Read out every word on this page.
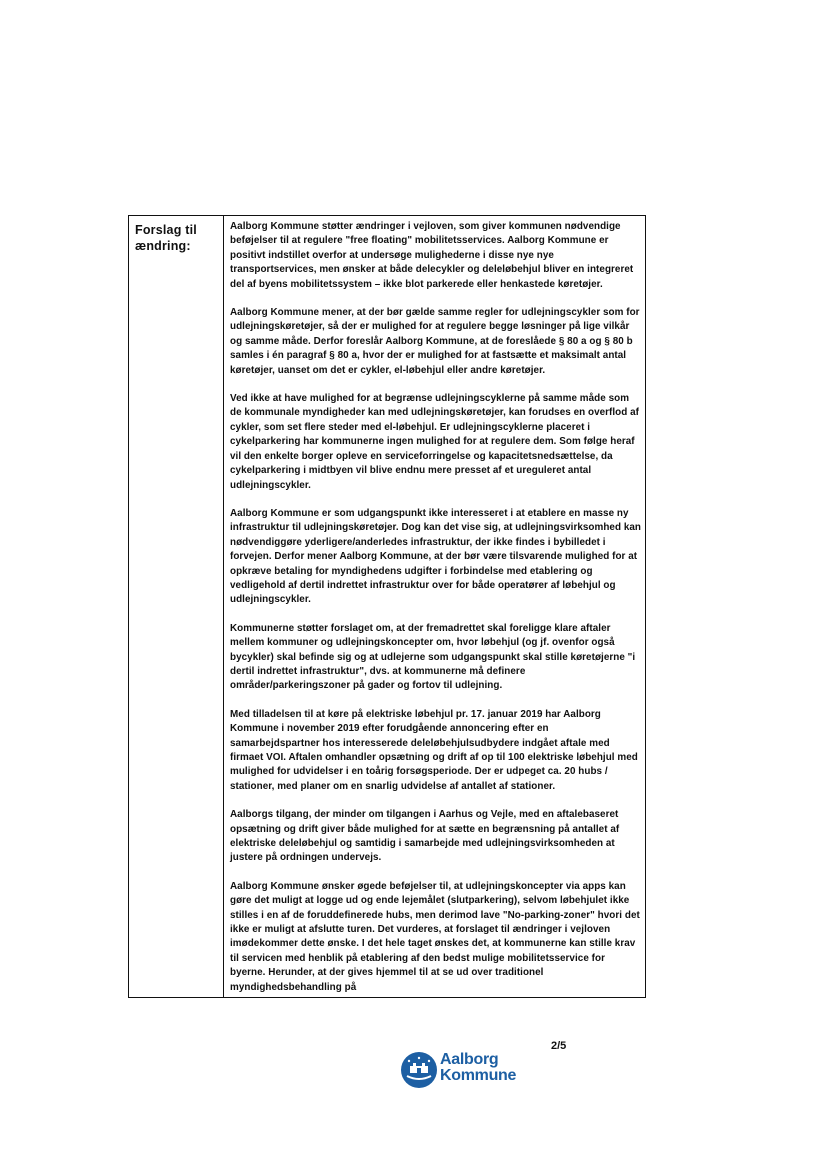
Forslag til
ændring:

Aalborg Kommune støtter ændringer i vejloven, som giver kommunen nødvendige beføjelser til at regulere "free floating" mobilitetsservices. Aalborg Kommune er positivt indstillet overfor at undersøge mulighederne i disse nye nye transportservices, men ønsker at både delecykler og deleløbehjul bliver en integreret del af byens mobilitetssystem – ikke blot parkerede eller henkastede køretøjer.

Aalborg Kommune mener, at der bør gælde samme regler for udlejningscykler som for udlejningskøretøjer, så der er mulighed for at regulere begge løsninger på lige vilkår og samme måde. Derfor foreslår Aalborg Kommune, at de foreslåede § 80 a og § 80 b samles i én paragraf § 80 a, hvor der er mulighed for at fastsætte et maksimalt antal køretøjer, uanset om det er cykler, el-løbehjul eller andre køretøjer.

Ved ikke at have mulighed for at begrænse udlejningscyklerne på samme måde som de kommunale myndigheder kan med udlejningskøretøjer, kan forudses en overflod af cykler, som set flere steder med el-løbehjul. Er udlejningscyklerne placeret i cykelparkering har kommunerne ingen mulighed for at regulere dem. Som følge heraf vil den enkelte borger opleve en serviceforringelse og kapacitetsnedsættelse, da cykelparkering i midtbyen vil blive endnu mere presset af et ureguleret antal udlejningscykler.

Aalborg Kommune er som udgangspunkt ikke interesseret i at etablere en masse ny infrastruktur til udlejningskøretøjer. Dog kan det vise sig, at udlejningsvirksomhed kan nødvendiggøre yderligere/anderledes infrastruktur, der ikke findes i bybilledet i forvejen. Derfor mener Aalborg Kommune, at der bør være tilsvarende mulighed for at opkræve betaling for myndighedens udgifter i forbindelse med etablering og vedligehold af dertil indrettet infrastruktur over for både operatører af løbehjul og udlejningscykler.

Kommunerne støtter forslaget om, at der fremadrettet skal foreligge klare aftaler mellem kommuner og udlejningskoncepter om, hvor løbehjul (og jf. ovenfor også bycykler) skal befinde sig og at udlejerne som udgangspunkt skal stille køretøjerne "i dertil indrettet infrastruktur", dvs. at kommunerne må definere områder/parkeringszoner på gader og fortov til udlejning.

Med tilladelsen til at køre på elektriske løbehjul pr. 17. januar 2019 har Aalborg Kommune i november 2019 efter forudgående annoncering efter en samarbejdspartner hos interesserede deleløbehjulsudbydere indgået aftale med firmaet VOI. Aftalen omhandler opsætning og drift af op til 100 elektriske løbehjul med mulighed for udvidelser i en toårig forsøgsperiode. Der er udpeget ca. 20 hubs / stationer, med planer om en snarlig udvidelse af antallet af stationer.

Aalborgs tilgang, der minder om tilgangen i Aarhus og Vejle, med en aftalebaseret opsætning og drift giver både mulighed for at sætte en begrænsning på antallet af elektriske deleløbehjul og samtidig i samarbejde med udlejningsvirksomheden at justere på ordningen undervejs.

Aalborg Kommune ønsker øgede beføjelser til, at udlejningskoncepter via apps kan gøre det muligt at logge ud og ende lejemålet (slutparkering), selvom løbehjulet ikke stilles i en af de foruddefinerede hubs, men derimod lave "No-parking-zoner" hvori det ikke er muligt at afslutte turen. Det vurderes, at forslaget til ændringer i vejloven imødekommer dette ønske. I det hele taget ønskes det, at kommunerne kan stille krav til servicen med henblik på etablering af den bedst mulige mobilitetsservice for byerne. Herunder, at der gives hjemmel til at se ud over traditionel myndighedsbehandling på

2/5
Aalborg
Kommune
